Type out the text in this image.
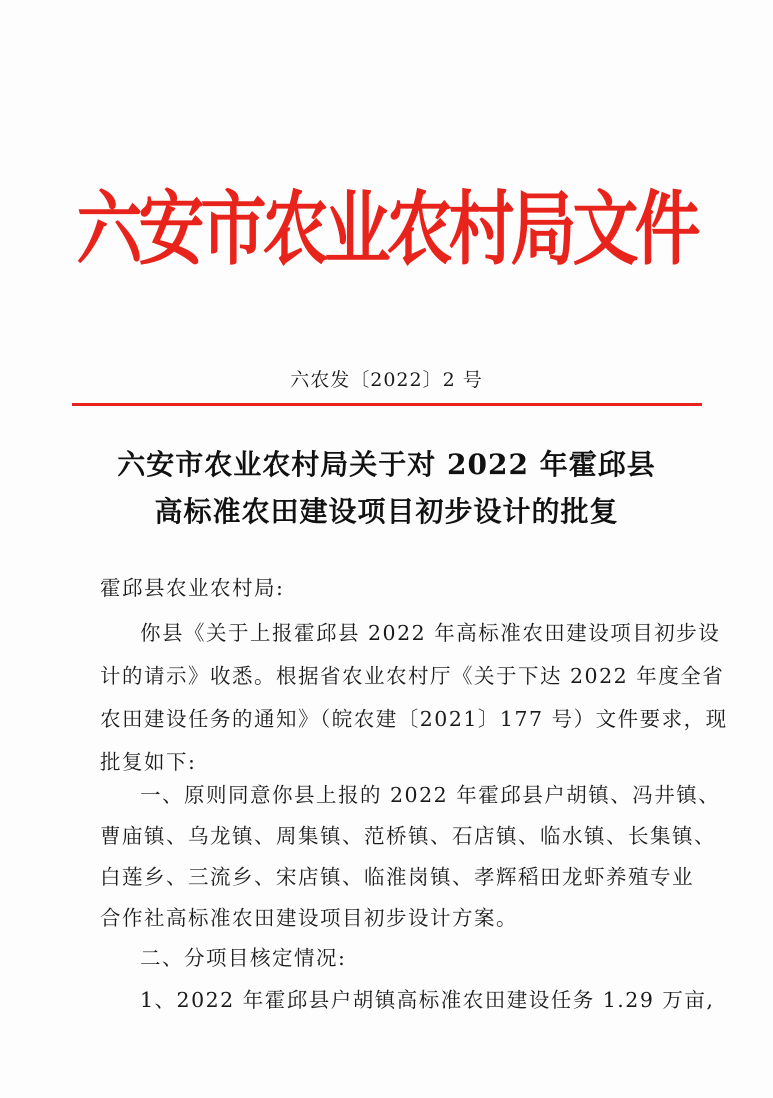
六安市农业农村局文件
六农发〔2022〕2 号
六安市农业农村局关于对 2022 年霍邱县
高标准农田建设项目初步设计的批复
霍邱县农业农村局:
你县《关于上报霍邱县 2022 年高标准农田建设项目初步设
计的请示》收悉。根据省农业农村厅《关于下达 2022 年度全省
农田建设任务的通知》（皖农建〔2021〕177 号）文件要求，现
批复如下:
一、原则同意你县上报的 2022 年霍邱县户胡镇、冯井镇、
曹庙镇、乌龙镇、周集镇、范桥镇、石店镇、临水镇、长集镇、
白莲乡、三流乡、宋店镇、临淮岗镇、孝辉稻田龙虾养殖专业
合作社高标准农田建设项目初步设计方案。
二、分项目核定情况:
1、2022 年霍邱县户胡镇高标准农田建设任务 1.29 万亩,
